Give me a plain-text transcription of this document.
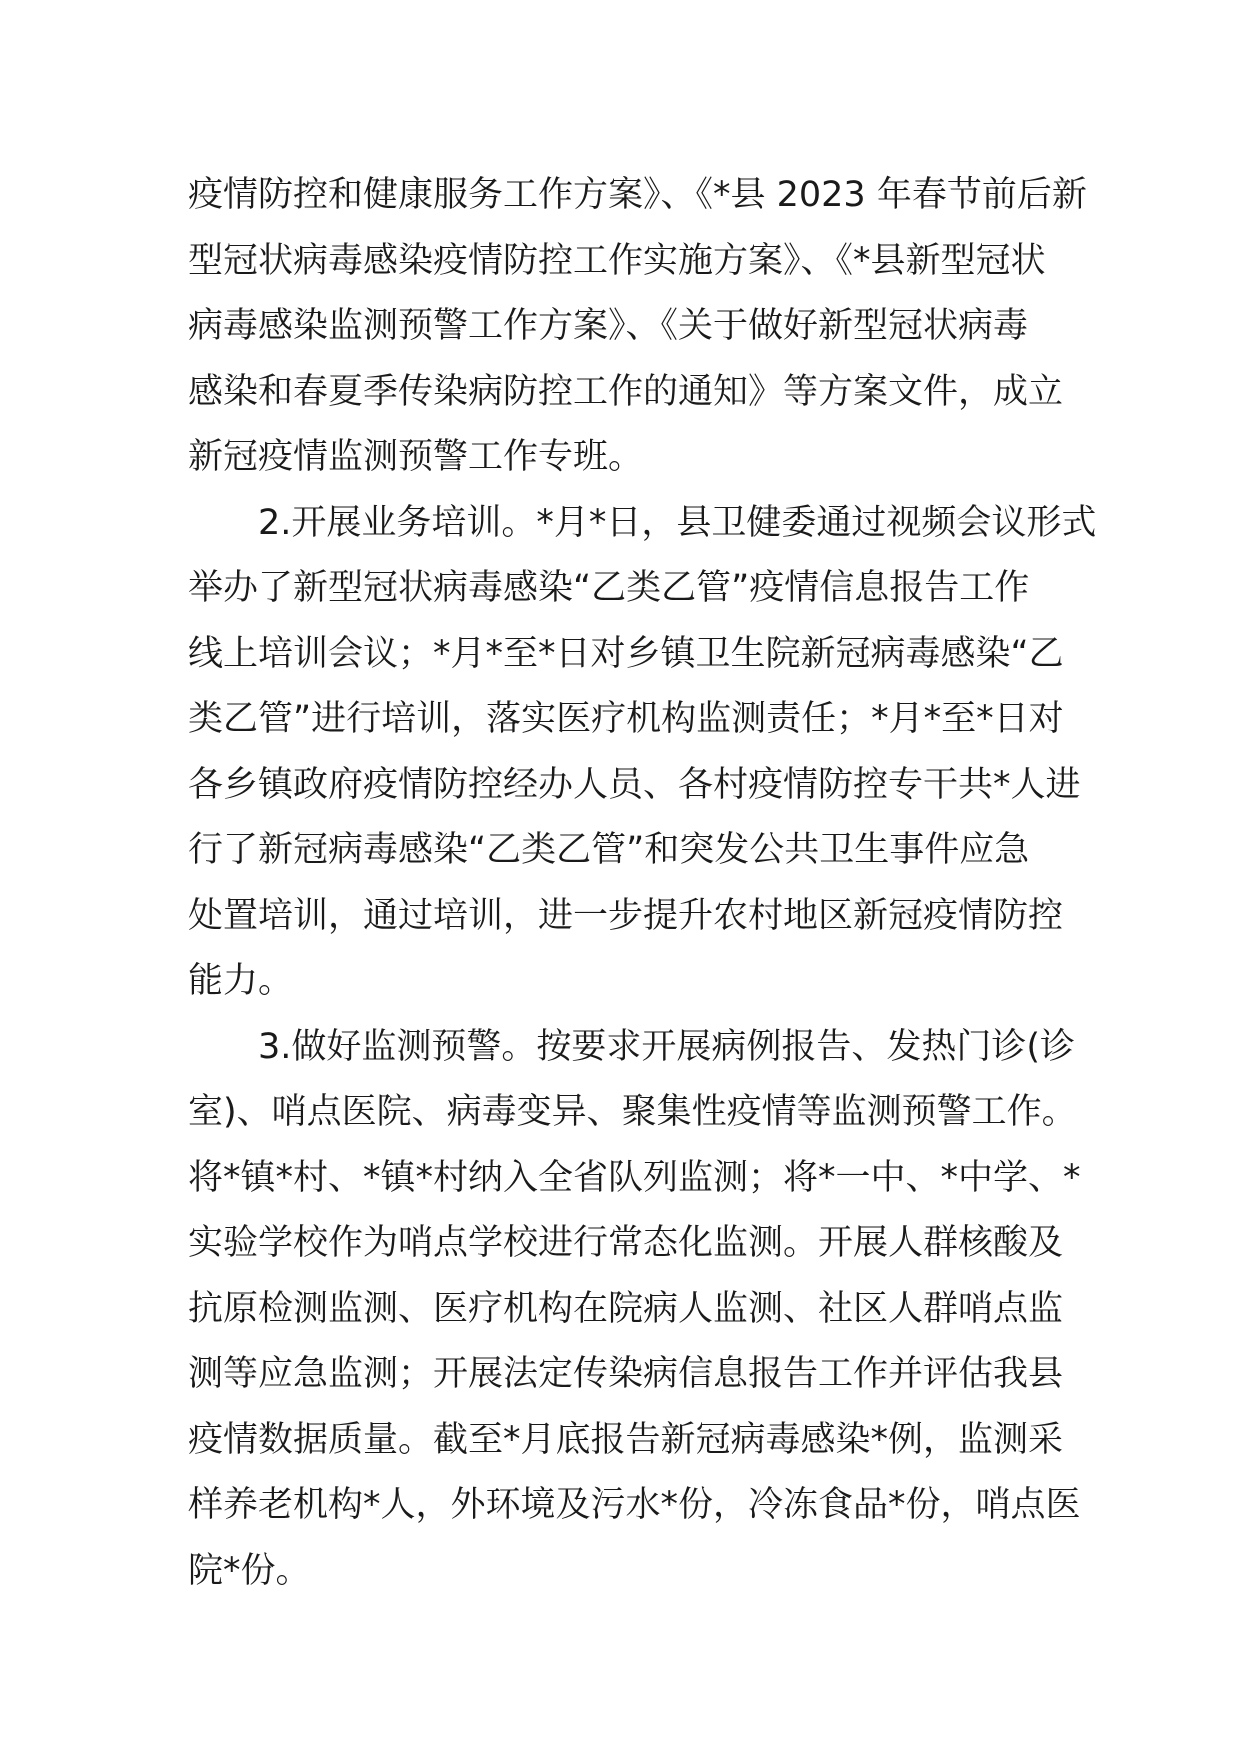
疫情防控和健康服务工作方案》、《*县 2023 年春节前后新
型冠状病毒感染疫情防控工作实施方案》、《*县新型冠状
病毒感染监测预警工作方案》、《关于做好新型冠状病毒
感染和春夏季传染病防控工作的通知》等方案文件，成立
新冠疫情监测预警工作专班。
2.开展业务培训。*月*日，县卫健委通过视频会议形式
举办了新型冠状病毒感染“乙类乙管”疫情信息报告工作
线上培训会议；*月*至*日对乡镇卫生院新冠病毒感染“乙
类乙管”进行培训，落实医疗机构监测责任；*月*至*日对
各乡镇政府疫情防控经办人员、各村疫情防控专干共*人进
行了新冠病毒感染“乙类乙管”和突发公共卫生事件应急
处置培训，通过培训，进一步提升农村地区新冠疫情防控
能力。
3.做好监测预警。按要求开展病例报告、发热门诊(诊
室)、哨点医院、病毒变异、聚集性疫情等监测预警工作。
将*镇*村、*镇*村纳入全省队列监测；将*一中、*中学、*
实验学校作为哨点学校进行常态化监测。开展人群核酸及
抗原检测监测、医疗机构在院病人监测、社区人群哨点监
测等应急监测；开展法定传染病信息报告工作并评估我县
疫情数据质量。截至*月底报告新冠病毒感染*例，监测采
样养老机构*人，外环境及污水*份，冷冻食品*份，哨点医
院*份。
